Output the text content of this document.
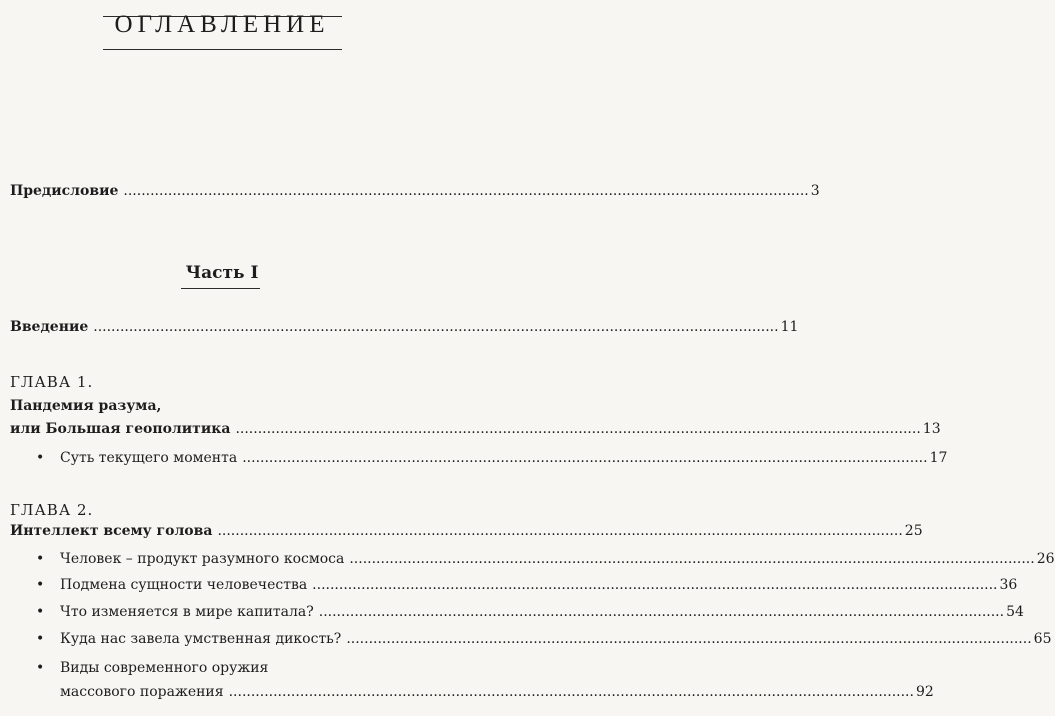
ОГЛАВЛЕНИЕ
Предисловие .......................................................................................................................................................... 3
Часть I
Введение .......................................................................................................................................................... 11
ГЛАВА 1.
Пандемия разума,
или Большая геополитика .......................................................................................................................................................... 13
• Суть текущего момента .......................................................................................................................................................... 17
ГЛАВА 2.
Интеллект всему голова .......................................................................................................................................................... 25
• Человек – продукт разумного космоса .......................................................................................................................................................... 26
• Подмена сущности человечества .......................................................................................................................................................... 36
• Что изменяется в мире капитала? .......................................................................................................................................................... 54
• Куда нас завела умственная дикость? .......................................................................................................................................................... 65
• Виды современного оружия
массового поражения .......................................................................................................................................................... 92
